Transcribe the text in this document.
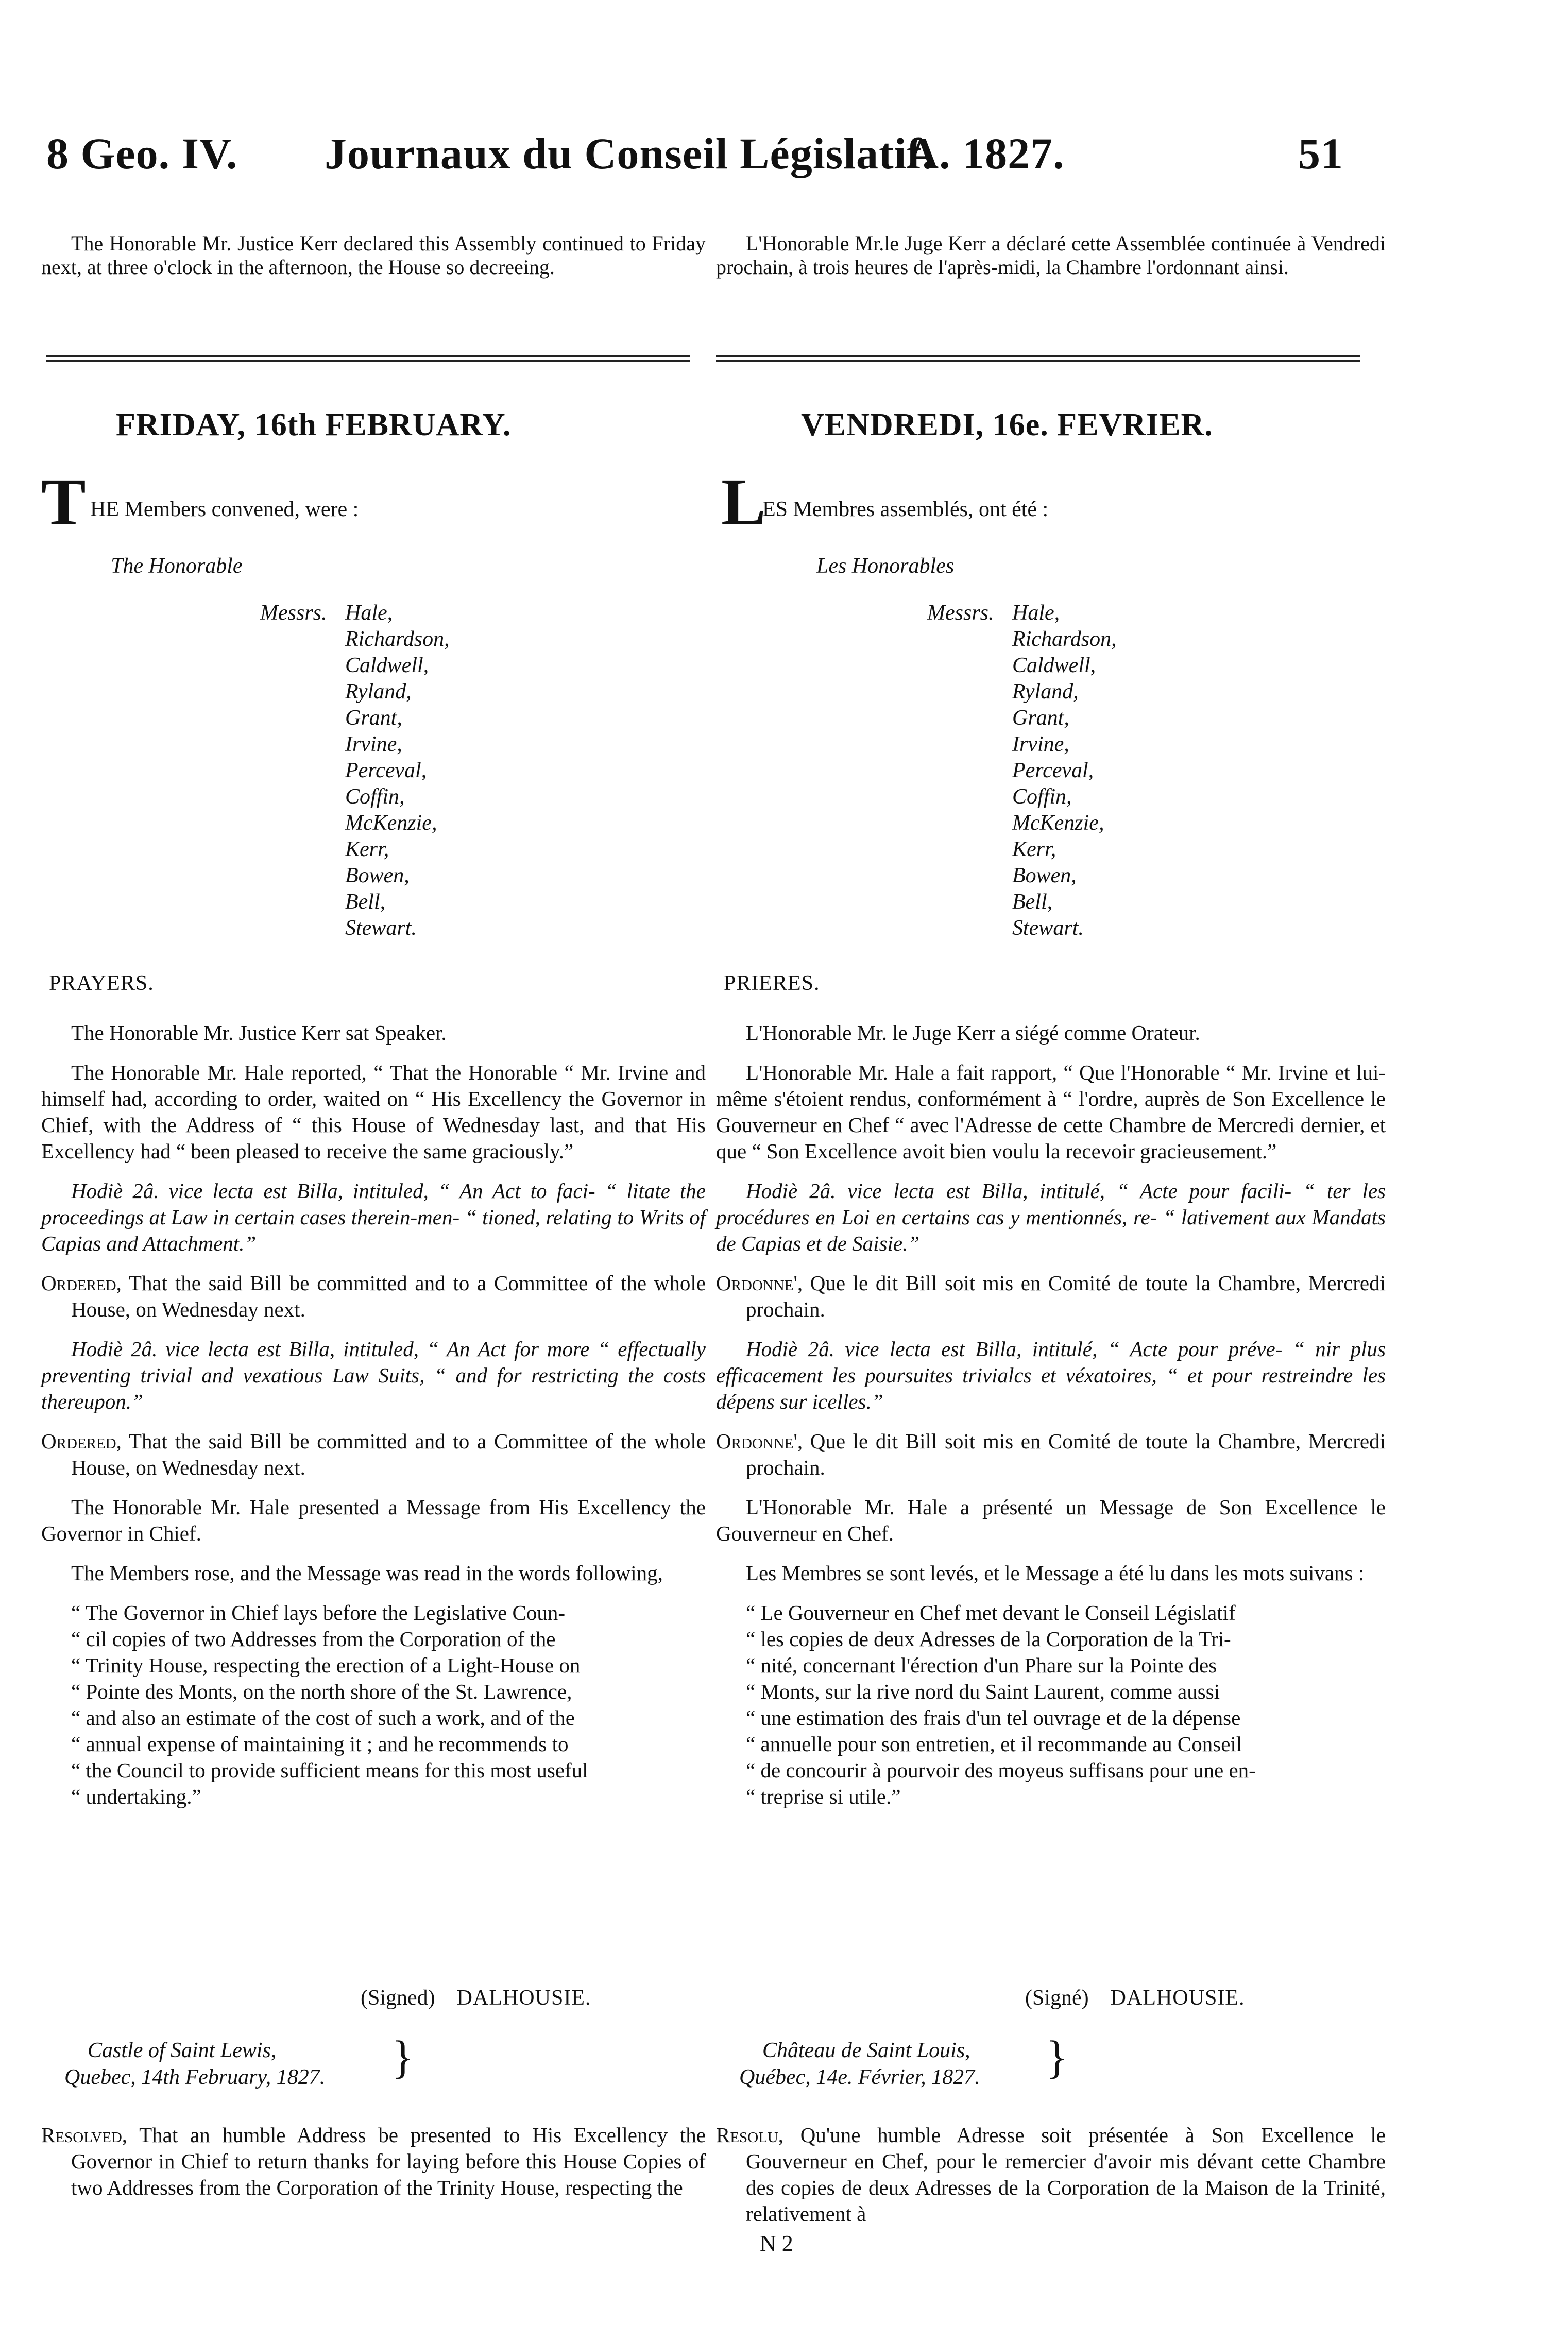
8 Geo. IV. Journaux du Conseil Législatif.
A. 1827.	51
The Honorable Mr. Justice Kerr declared this Assembly continued to Friday next, at three o'clock in the afternoon, the House so decreeing.
L'Honorable Mr.le Juge Kerr a déclaré cette Assemblée continuée à Vendredi prochain, à trois heures de l'après-midi, la Chambre l'ordonnant ainsi.
FRIDAY, 16th FEBRUARY.	VENDREDI, 16e. FEVRIER.
T HE Members convened, were :	L
ES Membres assemblés, ont été :
The Honorable	Les Honorables
Messrs. Hale,
Richardson,
Caldwell,
Ryland,
Grant,
Irvine,
Perceval,
Coffin,
McKenzie,
Kerr,
Bowen,
Bell,
Stewart.
Messrs. Hale,
Richardson,
Caldwell,
Ryland,
Grant,
Irvine,
Perceval,
Coffin,
McKenzie,
Kerr,
Bowen,
Bell,
Stewart.
PRAYERS.	PRIERES.
The Honorable Mr. Justice Kerr sat Speaker.
The Honorable Mr. Hale reported, “ That the Honorable “ Mr. Irvine and himself had, according to order, waited on “ His Excellency the Governor in Chief, with the Address of “ this House of Wednesday last, and that His Excellency had “ been pleased to receive the same graciously.”
Hodiè 2â. vice lecta est Billa, intituled, “ An Act to faci- “ litate the proceedings at Law in certain cases therein-men- “ tioned, relating to Writs of Capias and Attachment.”
Ordered, That the said Bill be committed and to a Committee of the whole House, on Wednesday next.
Hodiè 2â. vice lecta est Billa, intituled, “ An Act for more “ effectually preventing trivial and vexatious Law Suits, “ and for restricting the costs thereupon.”
Ordered, That the said Bill be committed and to a Committee of the whole House, on Wednesday next.
The Honorable Mr. Hale presented a Message from His Excellency the Governor in Chief.
The Members rose, and the Message was read in the words following,
“ The Governor in Chief lays before the Legislative Coun-
“ cil copies of two Addresses from the Corporation of the
“ Trinity House, respecting the erection of a Light-House on
“ Pointe des Monts, on the north shore of the St. Lawrence,
“ and also an estimate of the cost of such a work, and of the
“ annual expense of maintaining it ; and he recommends to
“ the Council to provide sufficient means for this most useful
“ undertaking.”
L'Honorable Mr. le Juge Kerr a siégé comme Orateur.
L'Honorable Mr. Hale a fait rapport, “ Que l'Honorable “ Mr. Irvine et lui-même s'étoient rendus, conformément à “ l'ordre, auprès de Son Excellence le Gouverneur en Chef “ avec l'Adresse de cette Chambre de Mercredi dernier, et que “ Son Excellence avoit bien voulu la recevoir gracieusement.”
Hodiè 2â. vice lecta est Billa, intitulé, “ Acte pour facili- “ ter les procédures en Loi en certains cas y mentionnés, re- “ lativement aux Mandats de Capias et de Saisie.”
Ordonne', Que le dit Bill soit mis en Comité de toute la Chambre, Mercredi prochain.
Hodiè 2â. vice lecta est Billa, intitulé, “ Acte pour préve- “ nir plus efficacement les poursuites trivialcs et véxatoires, “ et pour restreindre les dépens sur icelles.”
Ordonne', Que le dit Bill soit mis en Comité de toute la Chambre, Mercredi prochain.
L'Honorable Mr. Hale a présenté un Message de Son Excellence le Gouverneur en Chef.
Les Membres se sont levés, et le Message a été lu dans les mots suivans :
“ Le Gouverneur en Chef met devant le Conseil Législatif
“ les copies de deux Adresses de la Corporation de la Tri-
“ nité, concernant l'érection d'un Phare sur la Pointe des
“ Monts, sur la rive nord du Saint Laurent, comme aussi
“ une estimation des frais d'un tel ouvrage et de la dépense
“ annuelle pour son entretien, et il recommande au Conseil
“ de concourir à pourvoir des moyeus suffisans pour une en-
“ treprise si utile.”
(Signed) DALHOUSIE.	(Signé) DALHOUSIE.
Castle of Saint Lewis,
Quebec, 14th February, 1827. }	Château de Saint Louis,
Québec, 14e. Février, 1827. }
Resolved, That an humble Address be presented to His Excellency the Governor in Chief to return thanks for laying before this House Copies of two Addresses from the Corporation of the Trinity House, respecting the
Resolu, Qu'une humble Adresse soit présentée à Son Excellence le Gouverneur en Chef, pour le remercier d'avoir mis dévant cette Chambre des copies de deux Adresses de la Corporation de la Maison de la Trinité, relativement à
N 2
